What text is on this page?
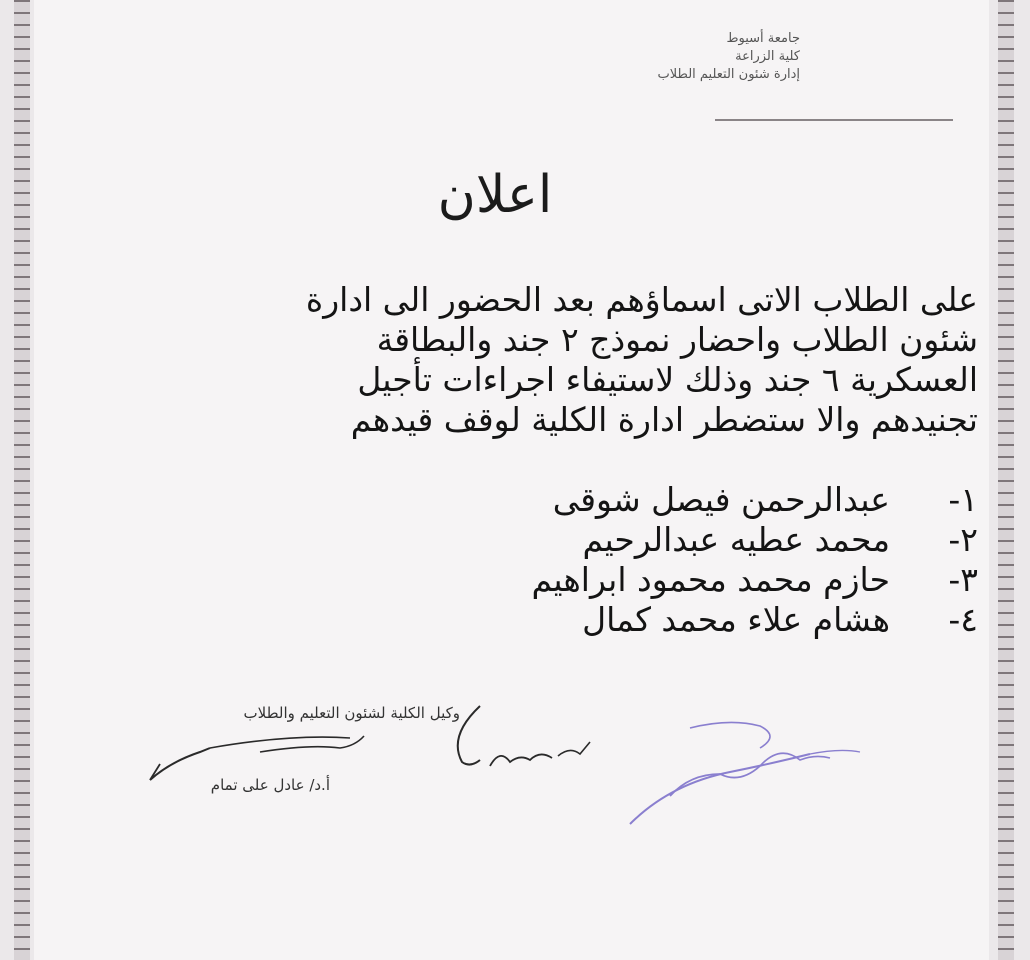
جامعة أسيوط
كلية الزراعة
إدارة شئون التعليم الطلاب
اعلان
على الطلاب الاتى اسماؤهم بعد الحضور الى ادارة
شئون الطلاب واحضار نموذج ٢ جند والبطاقة
العسكرية ٦ جند وذلك لاستيفاء اجراءات تأجيل
تجنيدهم والا ستضطر ادارة الكلية لوقف قيدهم
١-
عبدالرحمن فيصل شوقى
٢-
محمد عطيه عبدالرحيم
٣-
حازم محمد محمود ابراهيم
٤-
هشام علاء محمد كمال
وكيل الكلية لشئون التعليم والطلاب
أ.د/ عادل على تمام
